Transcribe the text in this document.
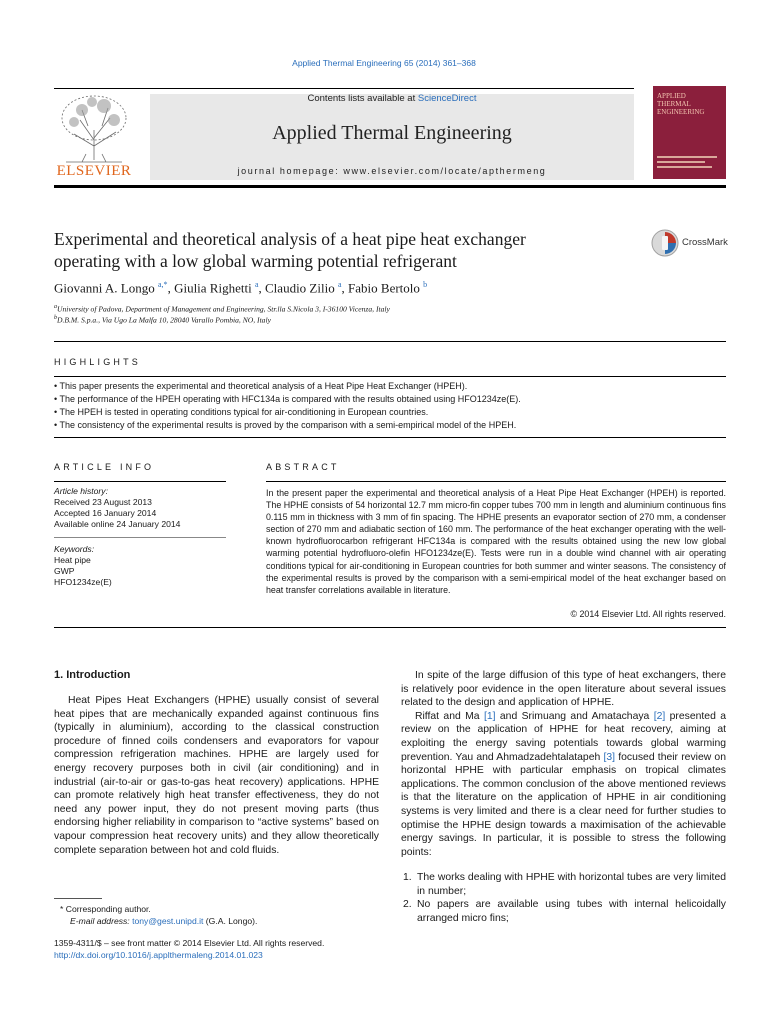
Applied Thermal Engineering 65 (2014) 361–368
ELSEVIER
Contents lists available at ScienceDirect
Applied Thermal Engineering
journal homepage: www.elsevier.com/locate/apthermeng
APPLIED
THERMAL
ENGINEERING
Experimental and theoretical analysis of a heat pipe heat exchanger
operating with a low global warming potential refrigerant
CrossMark
Giovanni A. Longo $^{a,*}$, Giulia Righetti $^a$, Claudio Zilio $^a$, Fabio Bertolo $^b$
$^a$University of Padova, Department of Management and Engineering, Str.lla S.Nicola 3, I-36100 Vicenza, Italy
$^b$D.B.M. S.p.a., Via Ugo La Malfa 10, 28040 Varallo Pombia, NO, Italy
HIGHLIGHTS
• This paper presents the experimental and theoretical analysis of a Heat Pipe Heat Exchanger (HPEH).
• The performance of the HPEH operating with HFC134a is compared with the results obtained using HFO1234ze(E).
• The HPEH is tested in operating conditions typical for air-conditioning in European countries.
• The consistency of the experimental results is proved by the comparison with a semi-empirical model of the HPEH.
ARTICLE INFO	ABSTRACT
Article history:
Received 23 August 2013
Accepted 16 January 2014
Available online 24 January 2014
Keywords:
Heat pipe
GWP
HFO1234ze(E)
In the present paper the experimental and theoretical analysis of a Heat Pipe Heat Exchanger (HPEH) is reported. The HPHE consists of 54 horizontal 12.7 mm micro-fin copper tubes 700 mm in length and aluminium continuous fins 0.115 mm in thickness with 3 mm of fin spacing. The HPHE presents an evaporator section of 270 mm, a condenser section of 270 mm and adiabatic section of 160 mm. The performance of the heat exchanger operating with the well-known hydrofluorocarbon refrigerant HFC134a is compared with the results obtained using the new low global warming potential hydrofluoro-olefin HFO1234ze(E). Tests were run in a double wind channel with air operating conditions typical for air-conditioning in European countries for both summer and winter seasons. The consistency of the experimental results is proved by the comparison with a semi-empirical model of the heat exchanger based on heat transfer correlations available in literature.
© 2014 Elsevier Ltd. All rights reserved.
1. Introduction

Heat Pipes Heat Exchangers (HPHE) usually consist of several heat pipes that are mechanically expanded against continuous fins (typically in aluminium), according to the classical construction procedure of finned coils condensers and evaporators for vapour compression refrigeration machines. HPHE are largely used for energy recovery purposes both in civil (air conditioning) and in industrial (air-to-air or gas-to-gas heat recovery) applications. HPHE can promote relatively high heat transfer effectiveness, they do not need any power input, they do not present moving parts (thus endorsing higher reliability in comparison to “active systems” based on vapour compression heat recovery units) and they allow theoretically complete separation between hot and cold fluids.

In spite of the large diffusion of this type of heat exchangers, there is relatively poor evidence in the open literature about several issues related to the design and application of HPHE.

Riffat and Ma [1] and Srimuang and Amatachaya [2] presented a review on the application of HPHE for heat recovery, aiming at exploiting the energy saving potentials towards global warming prevention. Yau and Ahmadzadehtalatapeh [3] focused their review on horizontal HPHE with particular emphasis on tropical climates applications. The common conclusion of the above mentioned reviews is that the literature on the application of HPHE in air conditioning systems is very limited and there is a clear need for further studies to optimise the HPHE design towards a maximisation of the achievable energy savings. In particular, it is possible to stress the following points:

1. The works dealing with HPHE with horizontal tubes are very limited in number;
2. No papers are available using tubes with internal helicoidally arranged micro fins;
* Corresponding author.
E-mail address: tony@gest.unipd.it (G.A. Longo).
1359-4311/$ – see front matter © 2014 Elsevier Ltd. All rights reserved.
http://dx.doi.org/10.1016/j.applthermaleng.2014.01.023
